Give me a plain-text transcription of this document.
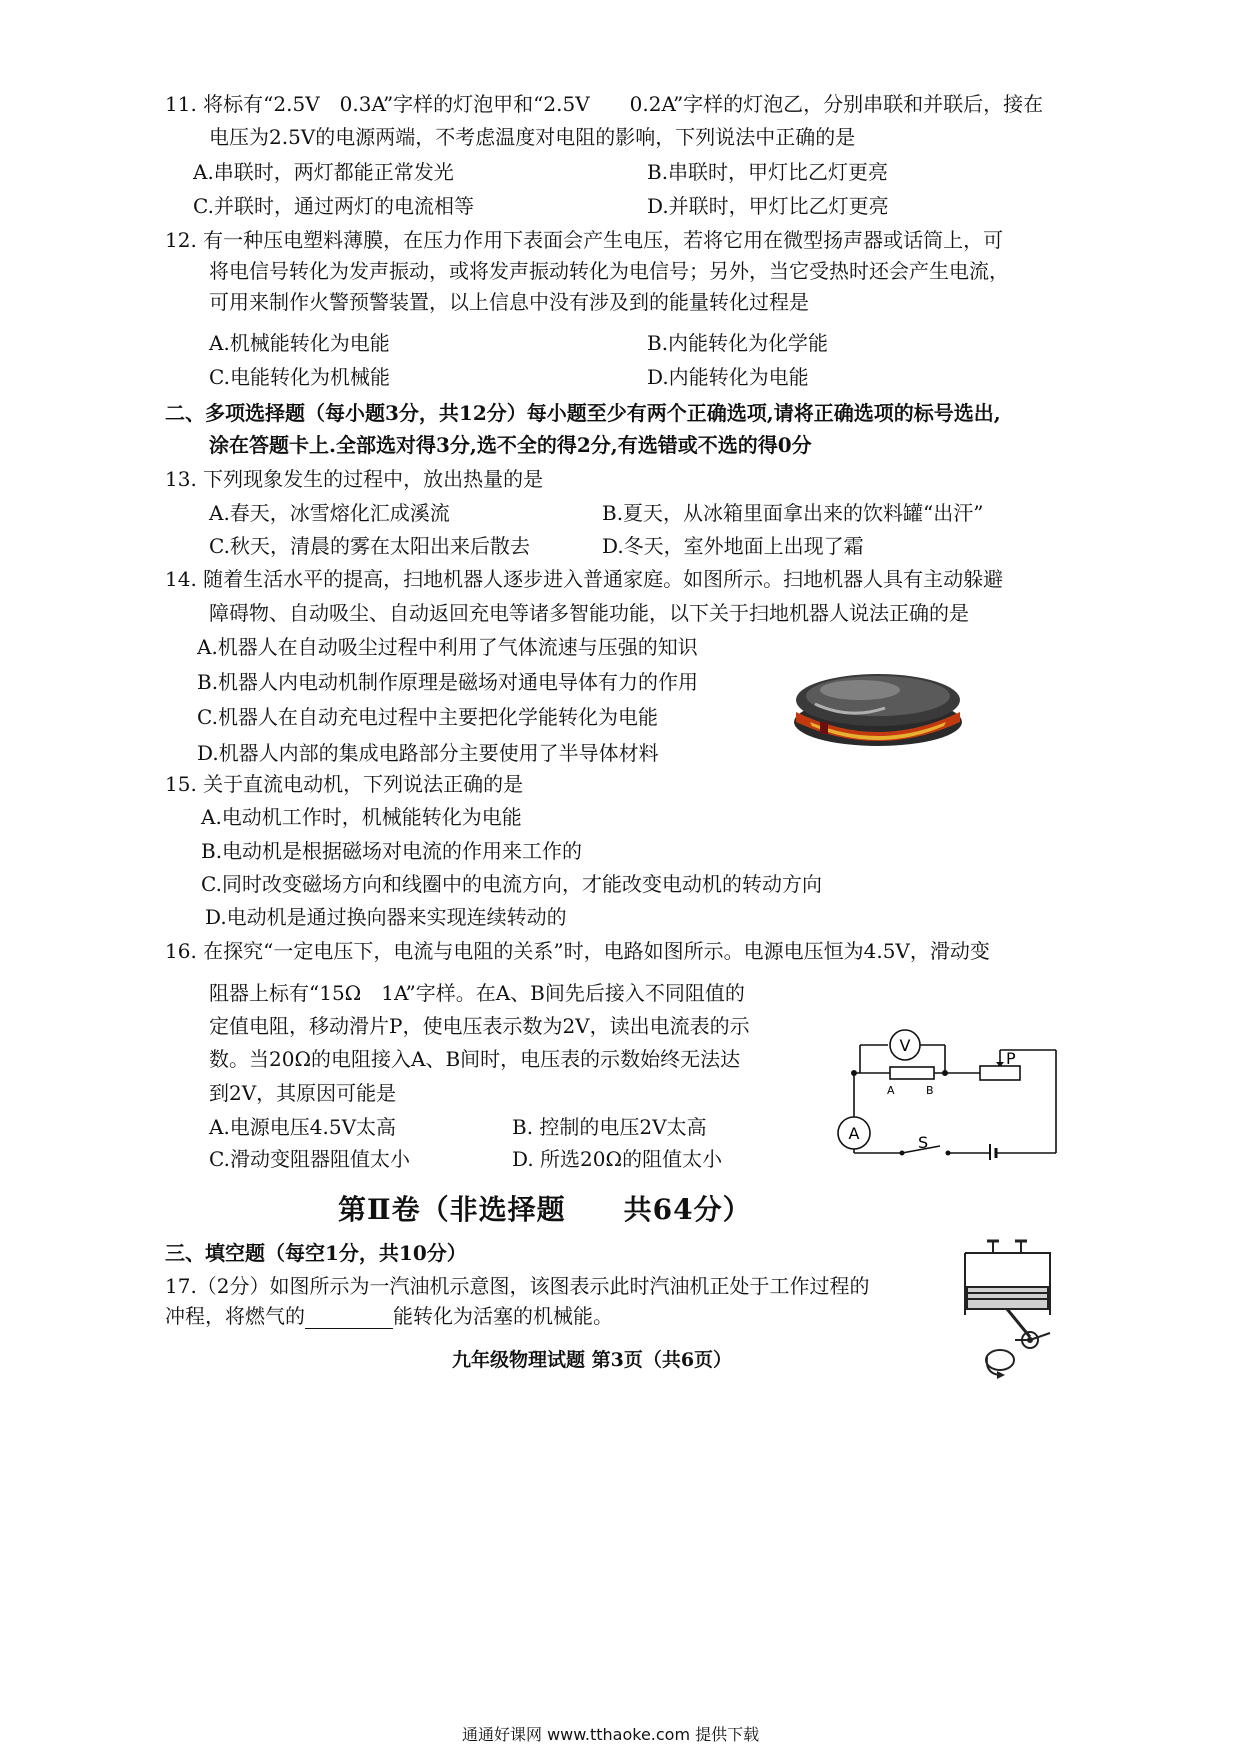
11. 将标有“2.5V　0.3A”字样的灯泡甲和“2.5V　　0.2A”字样的灯泡乙，分别串联和并联后，接在
电压为2.5V的电源两端，不考虑温度对电阻的影响，下列说法中正确的是
A.串联时，两灯都能正常发光	B.串联时，甲灯比乙灯更亮
C.并联时，通过两灯的电流相等	D.并联时，甲灯比乙灯更亮
12. 有一种压电塑料薄膜，在压力作用下表面会产生电压，若将它用在微型扬声器或话筒上，可
将电信号转化为发声振动，或将发声振动转化为电信号；另外，当它受热时还会产生电流，
可用来制作火警预警装置，以上信息中没有涉及到的能量转化过程是
A.机械能转化为电能	B.内能转化为化学能
C.电能转化为机械能	D.内能转化为电能
二、多项选择题（每小题3分，共12分）每小题至少有两个正确选项,请将正确选项的标号选出,
涂在答题卡上.全部选对得3分,选不全的得2分,有选错或不选的得0分
13. 下列现象发生的过程中，放出热量的是
A.春天，冰雪熔化汇成溪流	B.夏天，从冰箱里面拿出来的饮料罐“出汗”
C.秋天，清晨的雾在太阳出来后散去	D.冬天，室外地面上出现了霜
14. 随着生活水平的提高，扫地机器人逐步进入普通家庭。如图所示。扫地机器人具有主动躲避
障碍物、自动吸尘、自动返回充电等诸多智能功能，以下关于扫地机器人说法正确的是
A.机器人在自动吸尘过程中利用了气体流速与压强的知识
B.机器人内电动机制作原理是磁场对通电导体有力的作用
C.机器人在自动充电过程中主要把化学能转化为电能
D.机器人内部的集成电路部分主要使用了半导体材料
15. 关于直流电动机，下列说法正确的是
A.电动机工作时，机械能转化为电能
B.电动机是根据磁场对电流的作用来工作的
C.同时改变磁场方向和线圈中的电流方向，才能改变电动机的转动方向
D.电动机是通过换向器来实现连续转动的
16. 在探究“一定电压下，电流与电阻的关系”时，电路如图所示。电源电压恒为4.5V，滑动变
阻器上标有“15Ω　1A”字样。在A、B间先后接入不同阻值的
定值电阻，移动滑片P，使电压表示数为2V，读出电流表的示
数。当20Ω的电阻接入A、B间时，电压表的示数始终无法达
到2V，其原因可能是
A.电源电压4.5V太高	B. 控制的电压2V太高
C.滑动变阻器阻值太小	D. 所选20Ω的阻值太小
V
A
A	B
P
S
第Ⅱ卷（非选择题　　共64分）
三、填空题（每空1分，共10分）
17.（2分）如图所示为一汽油机示意图，该图表示此时汽油机正处于工作过程的
冲程，将燃气的	能转化为活塞的机械能。
九年级物理试题 第3页（共6页）
通通好课网 www.tthaoke.com 提供下载
